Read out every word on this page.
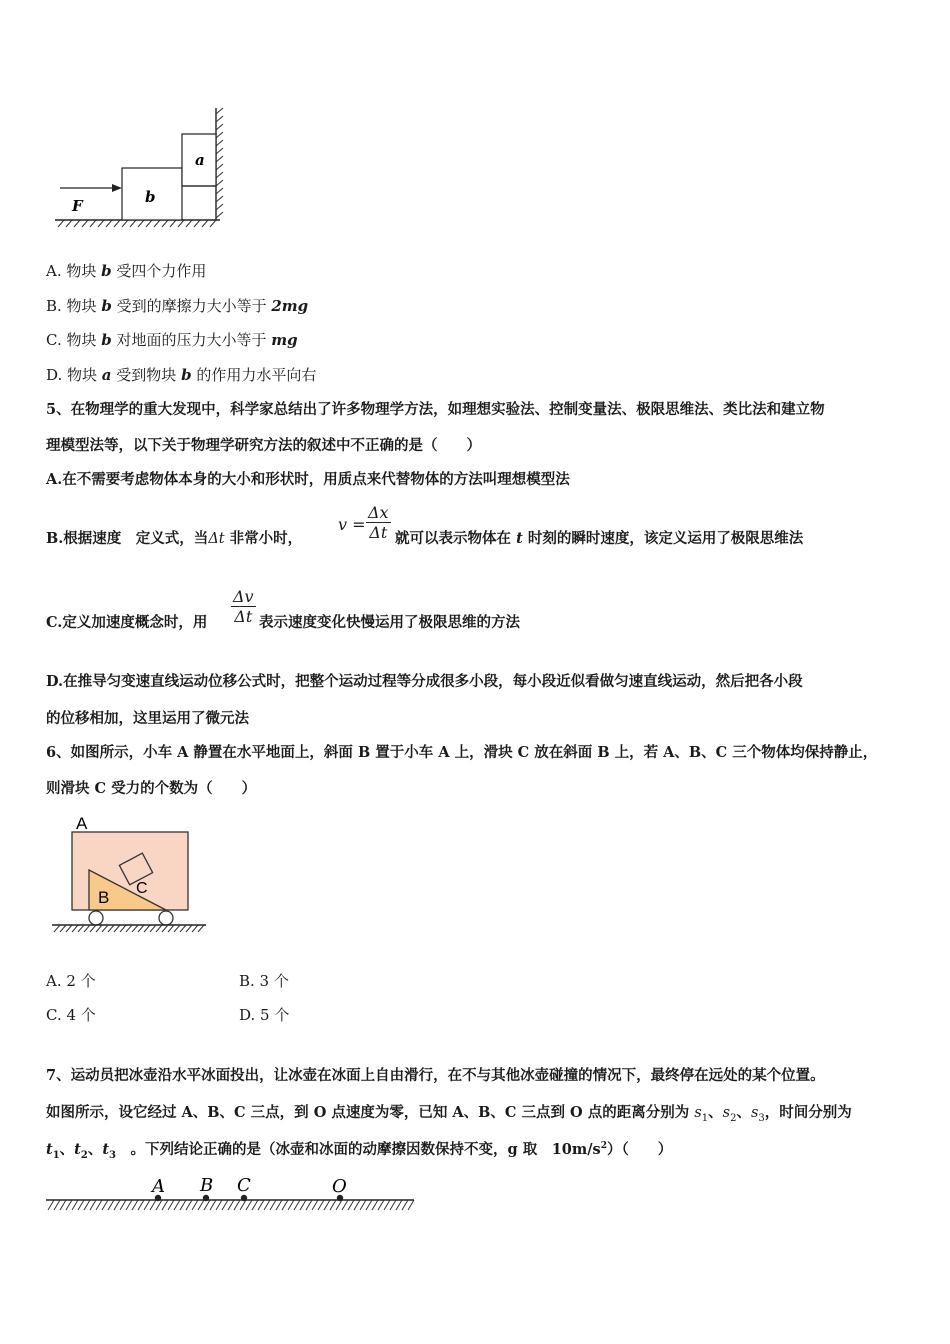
a
b
F
A. 物块 b 受四个力作用
B. 物块 b 受到的摩擦力大小等于 2mg
C. 物块 b 对地面的压力大小等于 mg
D. 物块 a 受到物块 b 的作用力水平向右
5、在物理学的重大发现中，科学家总结出了许多物理学方法，如理想实验法、控制变量法、极限思维法、类比法和建立物
理模型法等，以下关于物理学研究方法的叙述中不正确的是（　　）
A.在不需要考虑物体本身的大小和形状时，用质点来代替物体的方法叫理想模型法
B.根据速度　定义式，当Δt 非常小时，
v =
Δx
Δt 就可以表示物体在 t 时刻的瞬时速度，该定义运用了极限思维法
C.定义加速度概念时，用
Δv
Δt 表示速度变化快慢运用了极限思维的方法
D.在推导匀变速直线运动位移公式时，把整个运动过程等分成很多小段，每小段近似看做匀速直线运动，然后把各小段
的位移相加，这里运用了微元法
6、如图所示，小车 A 静置在水平地面上，斜面 B 置于小车 A 上，滑块 C 放在斜面 B 上，若 A、B、C 三个物体均保持静止，
则滑块 C 受力的个数为（　　）
A
B C
A. 2 个	B. 3 个
C. 4 个	D. 5 个
7、运动员把冰壶沿水平冰面投出，让冰壶在冰面上自由滑行，在不与其他冰壶碰撞的情况下，最终停在远处的某个位置。
如图所示，设它经过 A、B、C 三点，到 O 点速度为零，已知 A、B、C 三点到 O 点的距离分别为 $s_1$、$s_2$、$s_3$，时间分别为
$t_1$、$t_2$、$t_3$　 。下列结论正确的是（冰壶和冰面的动摩擦因数保持不变，g 取　$10m/s^2$）（　　）
A B C	O
